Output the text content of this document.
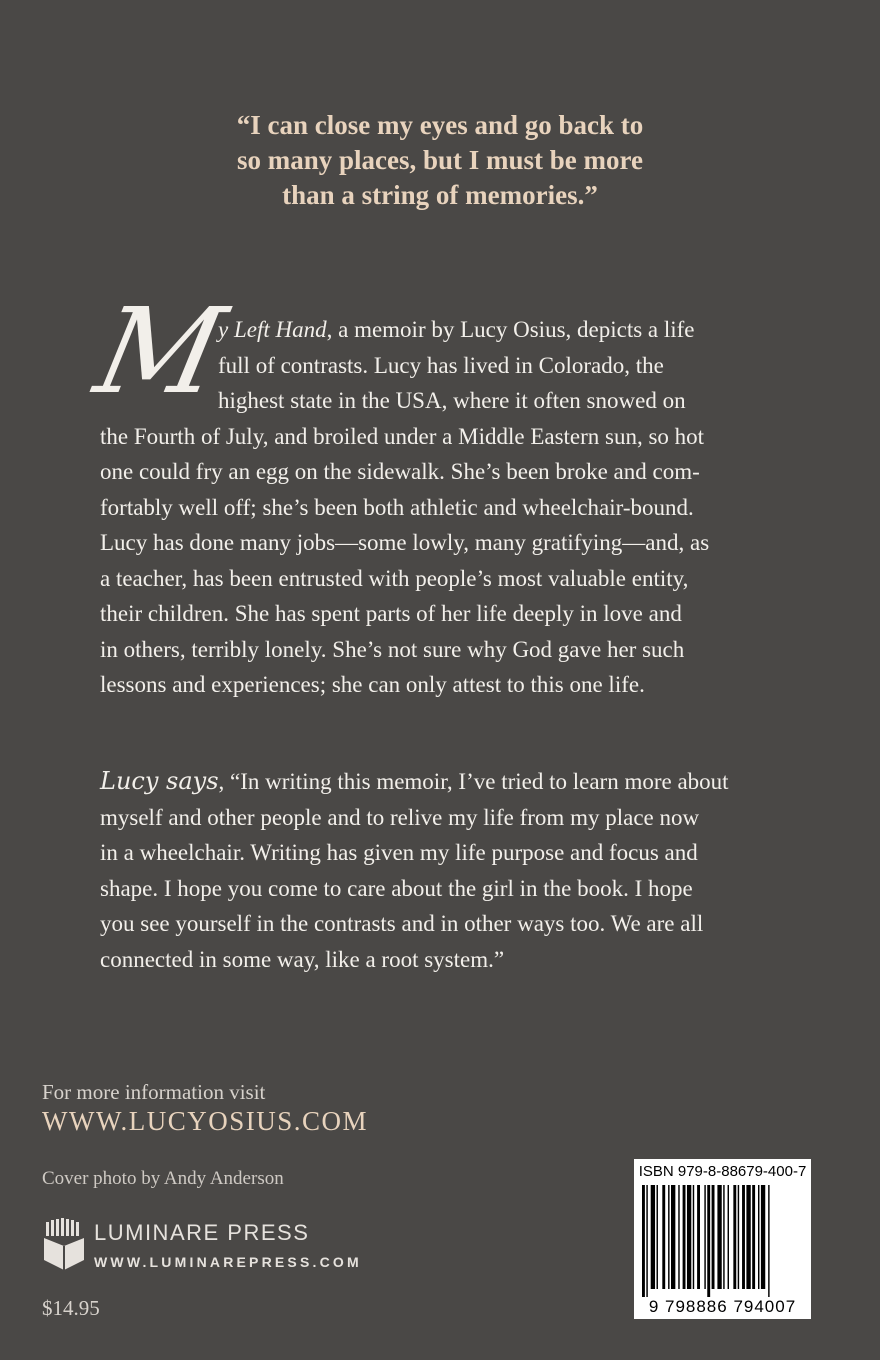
“I can close my eyes and go back to
so many places, but I must be more
than a string of memories.”
M
y Left Hand, a memoir by Lucy Osius, depicts a life
full of contrasts. Lucy has lived in Colorado, the
highest state in the USA, where it often snowed on
the Fourth of July, and broiled under a Middle Eastern sun, so hot
one could fry an egg on the sidewalk. She’s been broke and com-
fortably well off; she’s been both athletic and wheelchair-bound.
Lucy has done many jobs—some lowly, many gratifying—and, as
a teacher, has been entrusted with people’s most valuable entity,
their children. She has spent parts of her life deeply in love and
in others, terribly lonely. She’s not sure why God gave her such
lessons and experiences; she can only attest to this one life.
Lucy says, “In writing this memoir, I’ve tried to learn more about
myself and other people and to relive my life from my place now
in a wheelchair. Writing has given my life purpose and focus and
shape. I hope you come to care about the girl in the book. I hope
you see yourself in the contrasts and in other ways too. We are all
connected in some way, like a root system.”
For more information visit
WWW.LUCYOSIUS.COM
Cover photo by Andy Anderson
LUMINARE PRESS
WWW.LUMINAREPRESS.COM
$14.95
ISBN 979-8-88679-400-7
9 798886 794007
